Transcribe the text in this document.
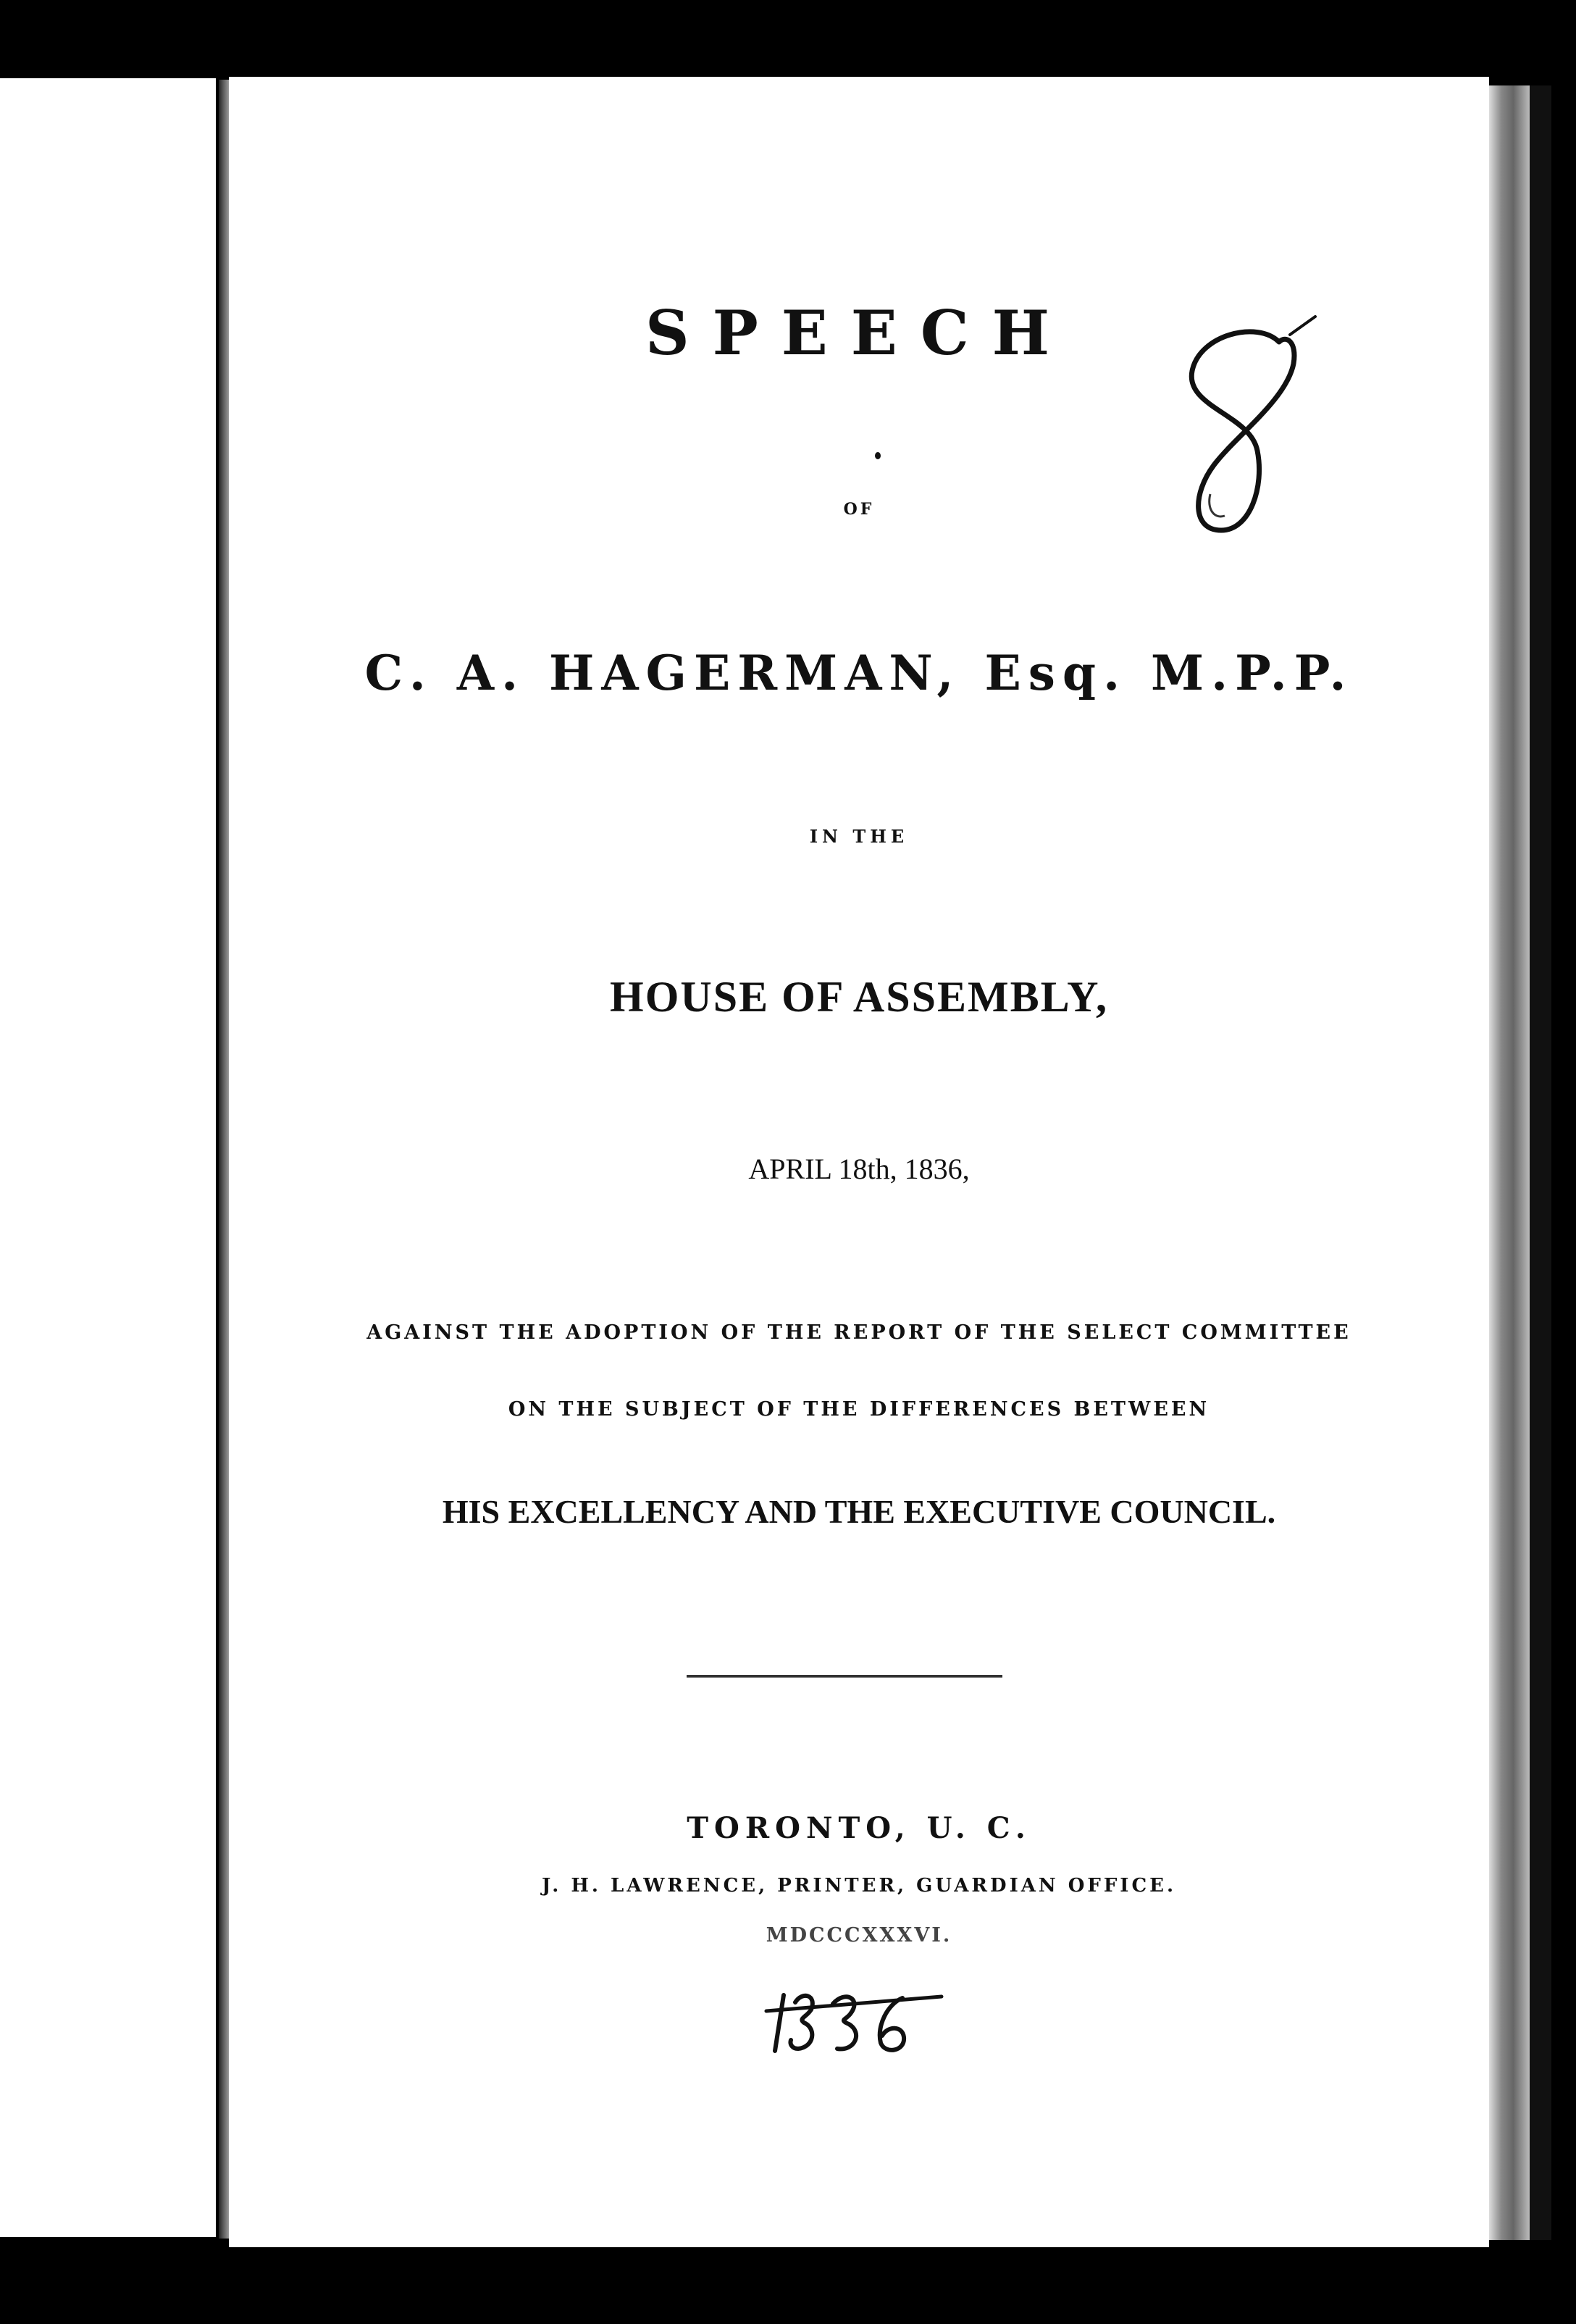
SPEECH
OF
C. A. HAGERMAN, Esq. M.P.P.
IN THE
HOUSE OF ASSEMBLY,
APRIL 18th, 1836,
AGAINST THE ADOPTION OF THE REPORT OF THE SELECT COMMITTEE
ON THE SUBJECT OF THE DIFFERENCES BETWEEN
HIS EXCELLENCY AND THE EXECUTIVE COUNCIL.
TORONTO, U. C.
J. H. LAWRENCE, PRINTER, GUARDIAN OFFICE.
MDCCCXXXVI.
